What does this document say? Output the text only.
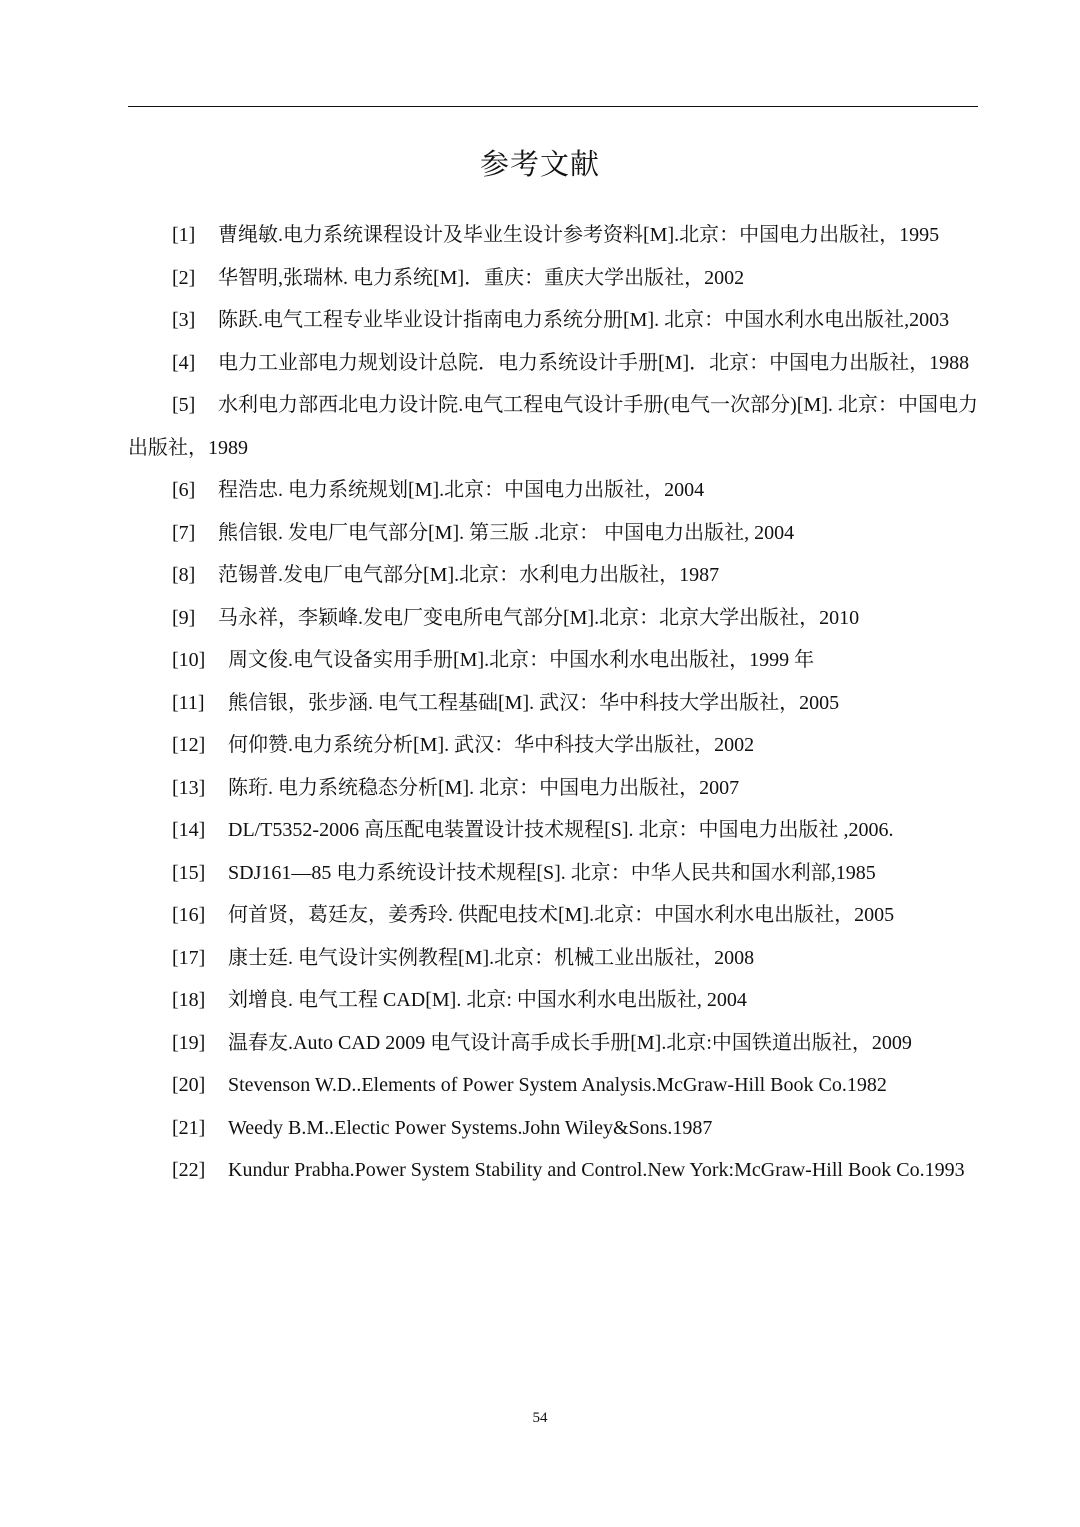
参考文献
[1] 曹绳敏.电力系统课程设计及毕业生设计参考资料[M].北京：中国电力出版社，1995
[2] 华智明,张瑞林. 电力系统[M]．重庆：重庆大学出版社，2002
[3] 陈跃.电气工程专业毕业设计指南电力系统分册[M]. 北京：中国水利水电出版社,2003
[4] 电力工业部电力规划设计总院．电力系统设计手册[M]．北京：中国电力出版社，1988
[5] 水利电力部西北电力设计院.电气工程电气设计手册(电气一次部分)[M]. 北京：中国电力出版社，1989
[6] 程浩忠. 电力系统规划[M].北京：中国电力出版社，2004
[7] 熊信银. 发电厂电气部分[M]. 第三版 .北京： 中国电力出版社, 2004
[8] 范锡普.发电厂电气部分[M].北京：水利电力出版社，1987
[9] 马永祥，李颖峰.发电厂变电所电气部分[M].北京：北京大学出版社，2010
[10] 周文俊.电气设备实用手册[M].北京：中国水利水电出版社，1999 年
[11] 熊信银，张步涵. 电气工程基础[M]. 武汉：华中科技大学出版社，2005
[12] 何仰赞.电力系统分析[M]. 武汉：华中科技大学出版社，2002
[13] 陈珩. 电力系统稳态分析[M]. 北京：中国电力出版社，2007
[14] DL/T5352-2006 高压配电装置设计技术规程[S]. 北京：中国电力出版社 ,2006.
[15] SDJ161—85 电力系统设计技术规程[S]. 北京：中华人民共和国水利部,1985
[16] 何首贤，葛廷友，姜秀玲. 供配电技术[M].北京：中国水利水电出版社，2005
[17] 康士廷. 电气设计实例教程[M].北京：机械工业出版社，2008
[18] 刘增良. 电气工程 CAD[M]. 北京: 中国水利水电出版社, 2004
[19] 温春友.Auto CAD 2009 电气设计高手成长手册[M].北京:中国铁道出版社，2009
[20] Stevenson W.D..Elements of Power System Analysis.McGraw-Hill Book Co.1982
[21] Weedy B.M..Electic Power Systems.John Wiley&Sons.1987
[22] Kundur Prabha.Power System Stability and Control.New York:McGraw-Hill Book Co.1993
54
